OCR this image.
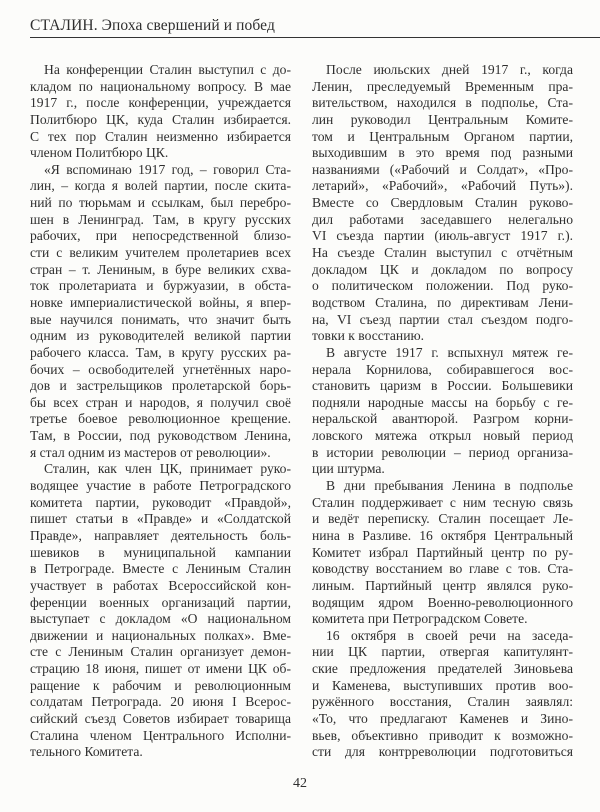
СТАЛИН. Эпоха свершений и побед
На конференции Сталин выступил с до-
кладом по национальному вопросу. В мае
1917 г., после конференции, учреждается
Политбюро ЦК, куда Сталин избирается.
С тех пор Сталин неизменно избирается
членом Политбюро ЦК.
«Я вспоминаю 1917 год, – говорил Ста-
лин, – когда я волей партии, после скита-
ний по тюрьмам и ссылкам, был перебро-
шен в Ленинград. Там, в кругу русских
рабочих, при непосредственной близо-
сти с великим учителем пролетариев всех
стран – т. Лениным, в буре великих схва-
ток пролетариата и буржуазии, в обста-
новке империалистической войны, я впер-
вые научился понимать, что значит быть
одним из руководителей великой партии
рабочего класса. Там, в кругу русских ра-
бочих – освободителей угнетённых наро-
дов и застрельщиков пролетарской борь-
бы всех стран и народов, я получил своё
третье боевое революционное крещение.
Там, в России, под руководством Ленина,
я стал одним из мастеров от революции».
Сталин, как член ЦК, принимает руко-
водящее участие в работе Петроградского
комитета партии, руководит «Правдой»,
пишет статьи в «Правде» и «Солдатской
Правде», направляет деятельность боль-
шевиков в муниципальной кампании
в Петрограде. Вместе с Лениным Сталин
участвует в работах Всероссийской кон-
ференции военных организаций партии,
выступает с докладом «О национальном
движении и национальных полках». Вме-
сте с Лениным Сталин организует демон-
страцию 18 июня, пишет от имени ЦК об-
ращение к рабочим и революционным
солдатам Петрограда. 20 июня I Всерос-
сийский съезд Советов избирает товарища
Сталина членом Центрального Исполни-
тельного Комитета.
После июльских дней 1917 г., когда
Ленин, преследуемый Временным пра-
вительством, находился в подполье, Ста-
лин руководил Центральным Комите-
том и Центральным Органом партии,
выходившим в это время под разными
названиями («Рабочий и Солдат», «Про-
летарий», «Рабочий», «Рабочий Путь»).
Вместе со Свердловым Сталин руково-
дил работами заседавшего нелегально
VI съезда партии (июль-август 1917 г.).
На съезде Сталин выступил с отчётным
докладом ЦК и докладом по вопросу
о политическом положении. Под руко-
водством Сталина, по директивам Лени-
на, VI съезд партии стал съездом подго-
товки к восстанию.
В августе 1917 г. вспыхнул мятеж ге-
нерала Корнилова, собиравшегося вос-
становить царизм в России. Большевики
подняли народные массы на борьбу с ге-
неральской авантюрой. Разгром корни-
ловского мятежа открыл новый период
в истории революции – период организа-
ции штурма.
В дни пребывания Ленина в подполье
Сталин поддерживает с ним тесную связь
и ведёт переписку. Сталин посещает Ле-
нина в Разливе. 16 октября Центральный
Комитет избрал Партийный центр по ру-
ководству восстанием во главе с тов. Ста-
линым. Партийный центр являлся руко-
водящим ядром Военно-революционного
комитета при Петроградском Совете.
16 октября в своей речи на заседа-
нии ЦК партии, отвергая капитулянт-
ские предложения предателей Зиновьева
и Каменева, выступивших против воо-
ружённого восстания, Сталин заявлял:
«То, что предлагают Каменев и Зино-
вьев, объективно приводит к возможно-
сти для контрреволюции подготовиться
42
